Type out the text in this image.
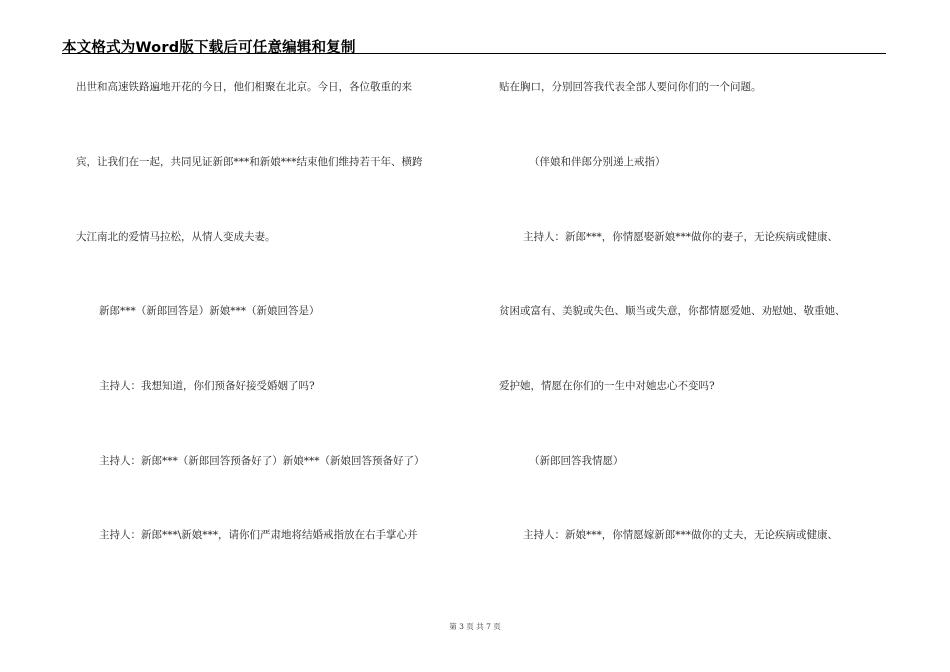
本文格式为Word版下载后可任意编辑和复制
出世和高速铁路遍地开花的今日，他们相聚在北京。今日，各位敬重的来
宾，让我们在一起，共同见证新郎***和新娘***结束他们维持若干年、横跨
大江南北的爱情马拉松，从情人变成夫妻。
新郎***（新郎回答是）新娘***（新娘回答是）
主持人：我想知道，你们预备好接受婚姻了吗?
主持人：新郎***（新郎回答预备好了）新娘***（新娘回答预备好了）
主持人：新郎***\新娘***，请你们严肃地将结婚戒指放在右手掌心并
贴在胸口，分别回答我代表全部人要问你们的一个问题。
（伴娘和伴郎分别递上戒指）
主持人：新郎***，你情愿娶新娘***做你的妻子，无论疾病或健康、
贫困或富有、美貌或失色、顺当或失意，你都情愿爱她、劝慰她、敬重她、
爱护她，情愿在你们的一生中对她忠心不变吗?
（新郎回答我情愿）
主持人：新娘***，你情愿嫁新郎***做你的丈夫，无论疾病或健康、
第 3 页 共 7 页
